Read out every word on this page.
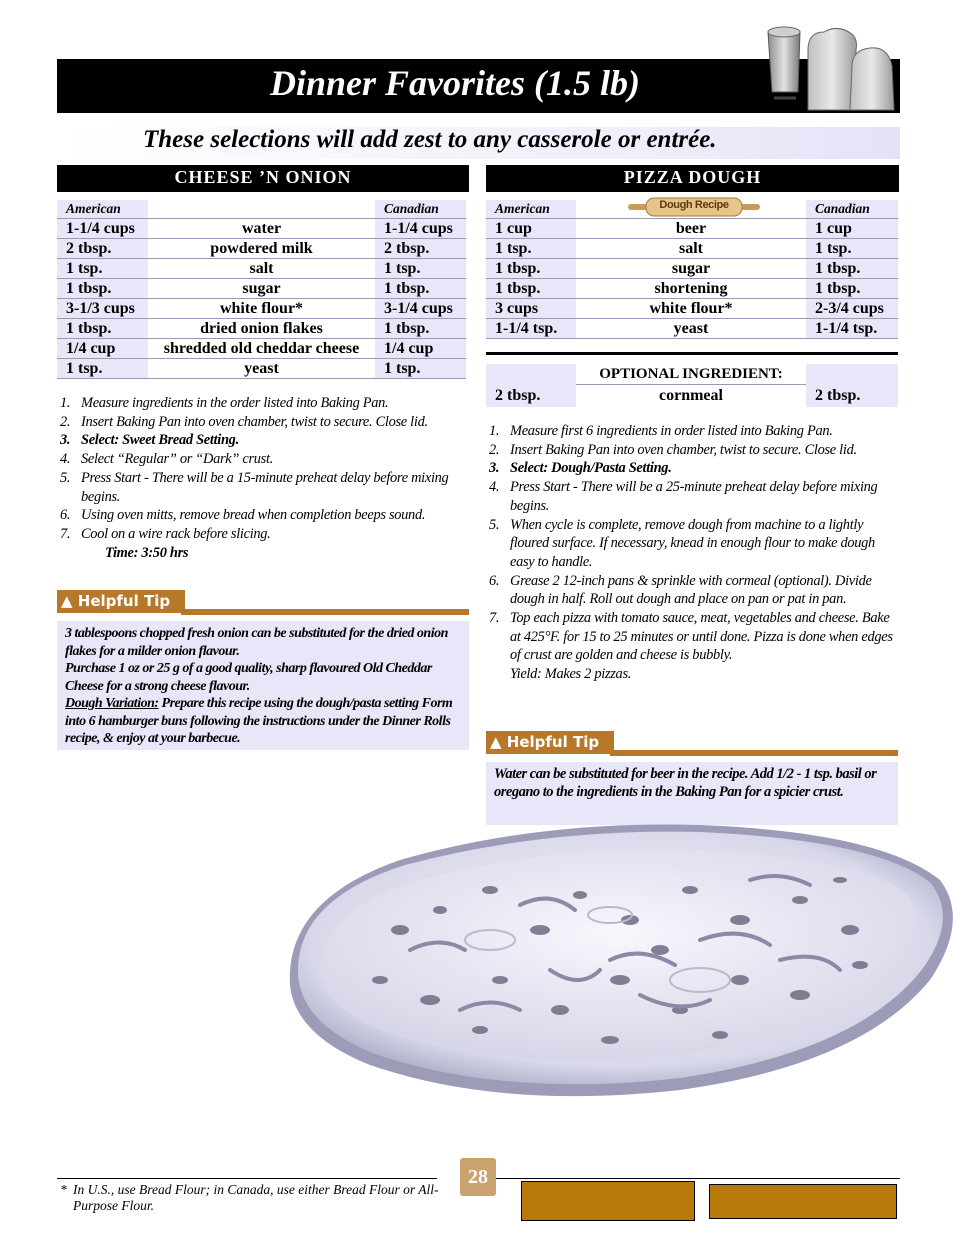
Dinner Favorites (1.5 lb)
These selections will add zest to any casserole or entrée.
CHEESE ’N ONION
American		Canadian
1-1/4 cups	water	1-1/4 cups
2 tbsp.	powdered milk	2 tbsp.
1 tsp.	salt	1 tsp.
1 tbsp.	sugar	1 tbsp.
3-1/3 cups	white flour*	3-1/4 cups
1 tbsp.	dried onion flakes	1 tbsp.
1/4 cup	shredded old cheddar cheese	1/4 cup
1 tsp.	yeast	1 tsp.
1. Measure ingredients in the order listed into Baking Pan.
2. Insert Baking Pan into oven chamber, twist to secure. Close lid.
3. Select: Sweet Bread Setting.
4. Select “Regular” or “Dark” crust.
5. Press Start - There will be a 15-minute preheat delay before mixing begins.
6. Using oven mitts, remove bread when completion beeps sound.
7. Cool on a wire rack before slicing.
Time: 3:50 hrs
▲ Helpful Tip
3 tablespoons chopped fresh onion can be substituted for the dried onion flakes for a milder onion flavour.
Purchase 1 oz or 25 g of a good quality, sharp flavoured Old Cheddar Cheese for a strong cheese flavour.
Dough Variation: Prepare this recipe using the dough/pasta setting Form into 6 hamburger buns following the instructions under the Dinner Rolls recipe, & enjoy at your barbecue.
PIZZA DOUGH
American		Canadian
1 cup	beer	1 cup
1 tsp.	salt	1 tsp.
1 tbsp.	sugar	1 tbsp.
1 tbsp.	shortening	1 tbsp.
3 cups	white flour*	2-3/4 cups
1-1/4 tsp.	yeast	1-1/4 tsp.
Dough Recipe
	OPTIONAL INGREDIENT:	
2 tbsp.	cornmeal	2 tbsp.
1. Measure first 6 ingredients in order listed into Baking Pan.
2. Insert Baking Pan into oven chamber, twist to secure. Close lid.
3. Select: Dough/Pasta Setting.
4. Press Start - There will be a 25-minute preheat delay before mixing begins.
5. When cycle is complete, remove dough from machine to a lightly floured surface. If necessary, knead in enough flour to make dough easy to handle.
6. Grease 2 12-inch pans & sprinkle with cormeal (optional). Divide dough in half. Roll out dough and place on pan or pat in pan.
7. Top each pizza with tomato sauce, meat, vegetables and cheese. Bake at 425°F. for 15 to 25 minutes or until done. Pizza is done when edges of crust are golden and cheese is bubbly.
Yield: Makes 2 pizzas.
▲ Helpful Tip
Water can be substituted for beer in the recipe. Add 1/2 - 1 tsp. basil or oregano to the ingredients in the Baking Pan for a spicier crust.
28
* In U.S., use Bread Flour; in Canada, use either Bread Flour or All-Purpose Flour.
